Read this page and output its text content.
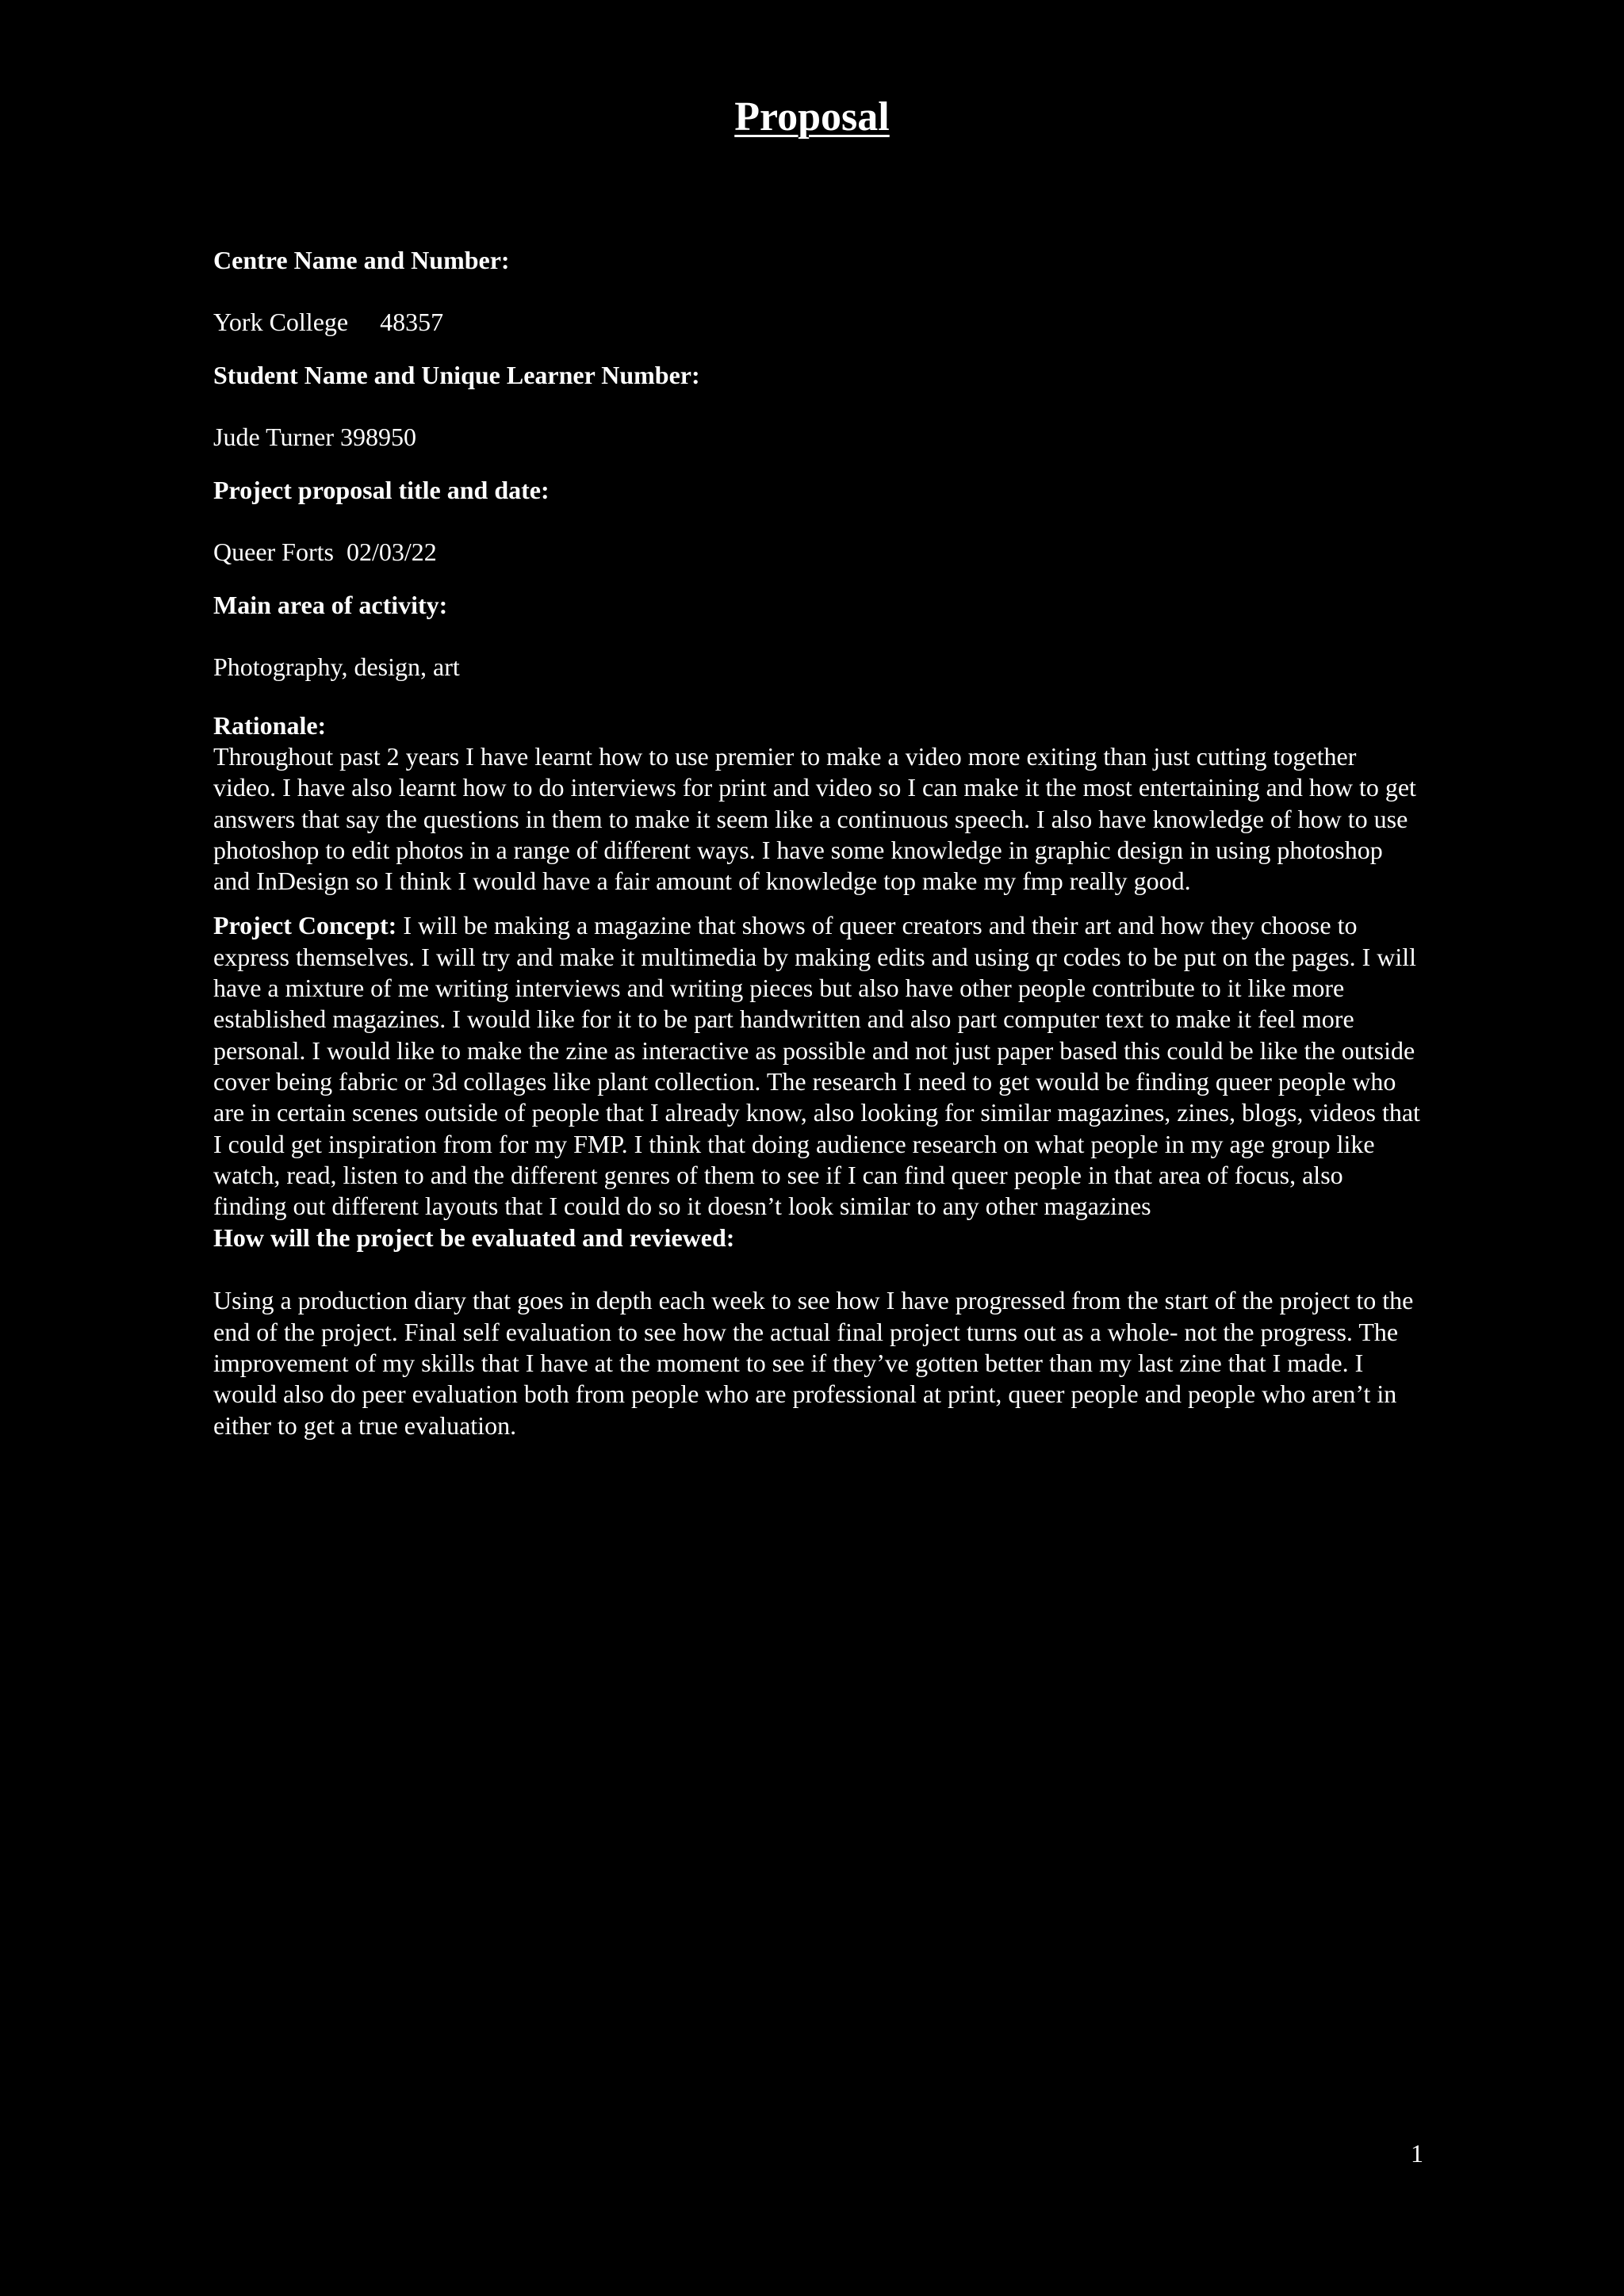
Proposal

Centre Name and Number:

York College     48357

Student Name and Unique Learner Number:

Jude Turner 398950

Project proposal title and date:

Queer Forts  02/03/22

Main area of activity:

Photography, design, art

Rationale:

Throughout past 2 years I have learnt how to use premier to make a video more exiting than just cutting together video. I have also learnt how to do interviews for print and video so I can make it the most entertaining and how to get answers that say the questions in them to make it seem like a continuous speech. I also have knowledge of how to use photoshop to edit photos in a range of different ways. I have some knowledge in graphic design in using photoshop and InDesign so I think I would have a fair amount of knowledge top make my fmp really good.

Project Concept: I will be making a magazine that shows of queer creators and their art and how they choose to express themselves. I will try and make it multimedia by making edits and using qr codes to be put on the pages. I will have a mixture of me writing interviews and writing pieces but also have other people contribute to it like more established magazines. I would like for it to be part handwritten and also part computer text to make it feel more personal. I would like to make the zine as interactive as possible and not just paper based this could be like the outside cover being fabric or 3d collages like plant collection. The research I need to get would be finding queer people who are in certain scenes outside of people that I already know, also looking for similar magazines, zines, blogs, videos that I could get inspiration from for my FMP. I think that doing audience research on what people in my age group like watch, read, listen to and the different genres of them to see if I can find queer people in that area of focus, also finding out different layouts that I could do so it doesn’t look similar to any other magazines

How will the project be evaluated and reviewed:

Using a production diary that goes in depth each week to see how I have progressed from the start of the project to the end of the project. Final self evaluation to see how the actual final project turns out as a whole- not the progress. The improvement of my skills that I have at the moment to see if they’ve gotten better than my last zine that I made. I would also do peer evaluation both from people who are professional at print, queer people and people who aren’t in either to get a true evaluation.

1
